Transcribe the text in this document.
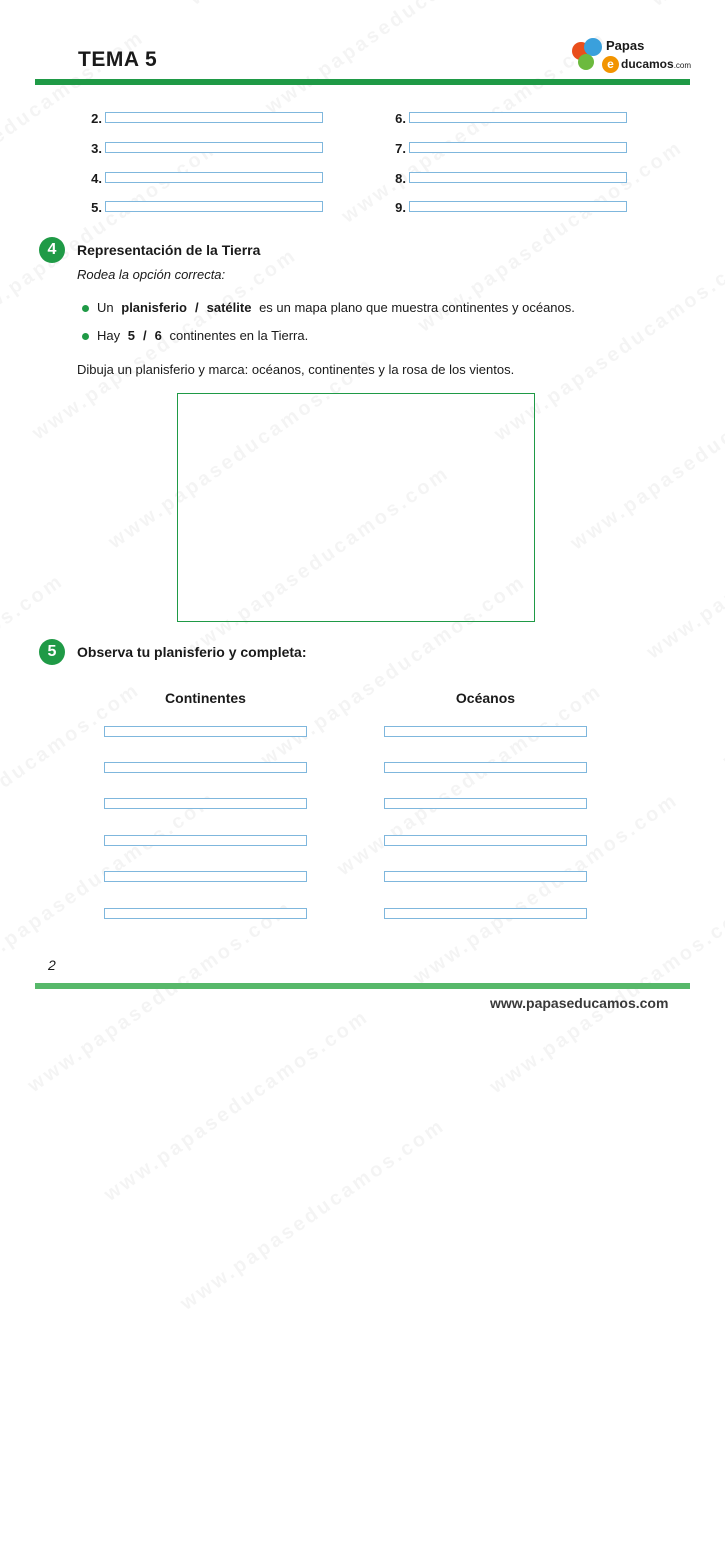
TEMA 5
Papas
e ducamos.com
2.
3.
4.
5.
6.
7.
8.
9.
4	Representación de la Tierra
Rodea la opción correcta:
Un planisferio / satélite es un mapa plano que muestra continentes y océanos.
Hay 5 / 6 continentes en la Tierra.
Dibuja un planisferio y marca: océanos, continentes y la rosa de los vientos.
5	Observa tu planisferio y completa:
Continentes	Océanos
2
www.papaseducamos.com
